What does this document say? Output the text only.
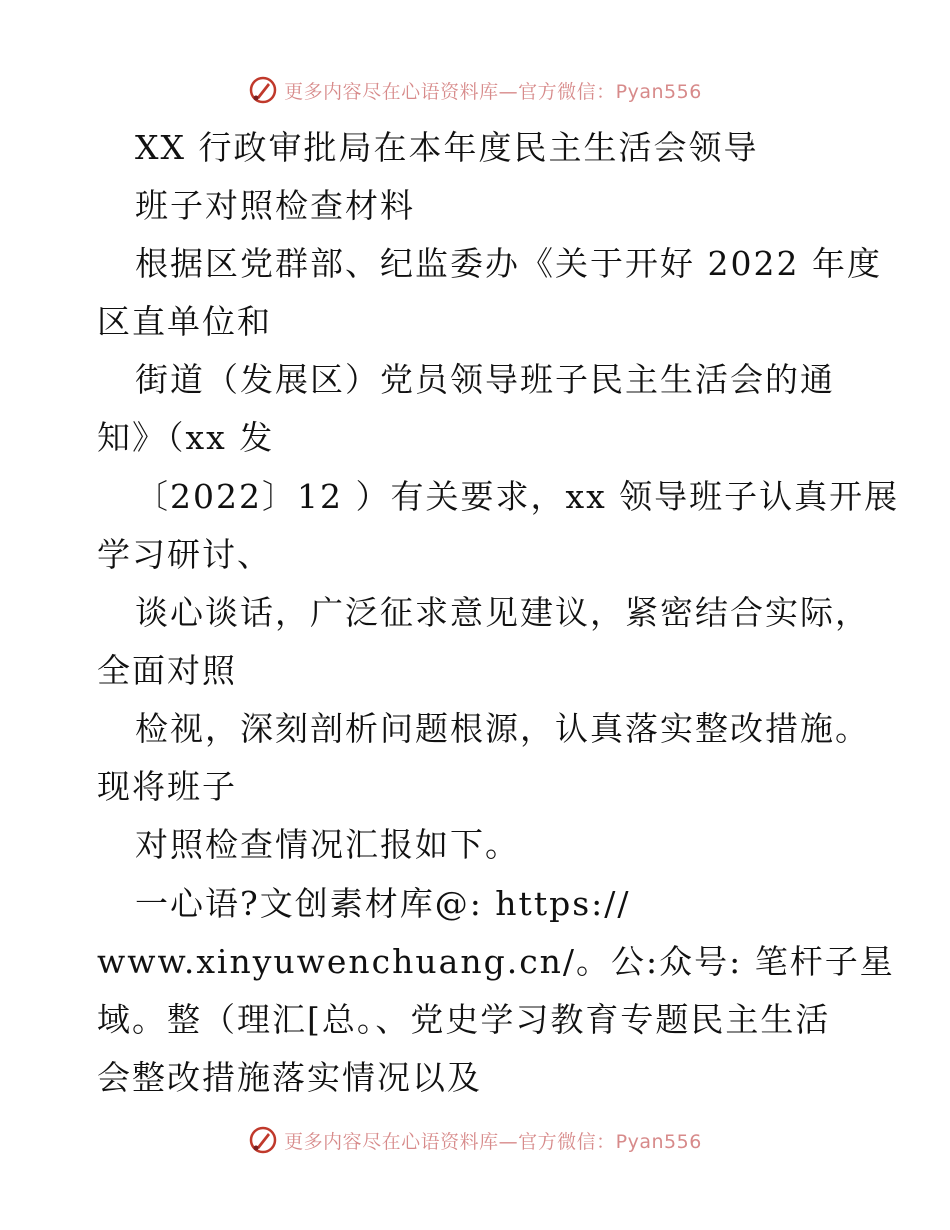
更多内容尽在心语资料库—官方微信：Pyan556
XX 行政审批局在本年度民主生活会领导
班子对照检查材料
根据区党群部、纪监委办《关于开好 2022 年度
区直单位和
街道（发展区）党员领导班子民主生活会的通
知》（xx 发
〔2022〕12 ）有关要求，xx 领导班子认真开展
学习研讨、
谈心谈话，广泛征求意见建议，紧密结合实际，
全面对照
检视，深刻剖析问题根源，认真落实整改措施。
现将班子
对照检查情况汇报如下。
一心语?文创素材库@: https://
www.xinyuwenchuang.cn/。公:众号: 笔杆子星
域。整（理汇[总。、党史学习教育专题民主生活
会整改措施落实情况以及
更多内容尽在心语资料库—官方微信：Pyan556
